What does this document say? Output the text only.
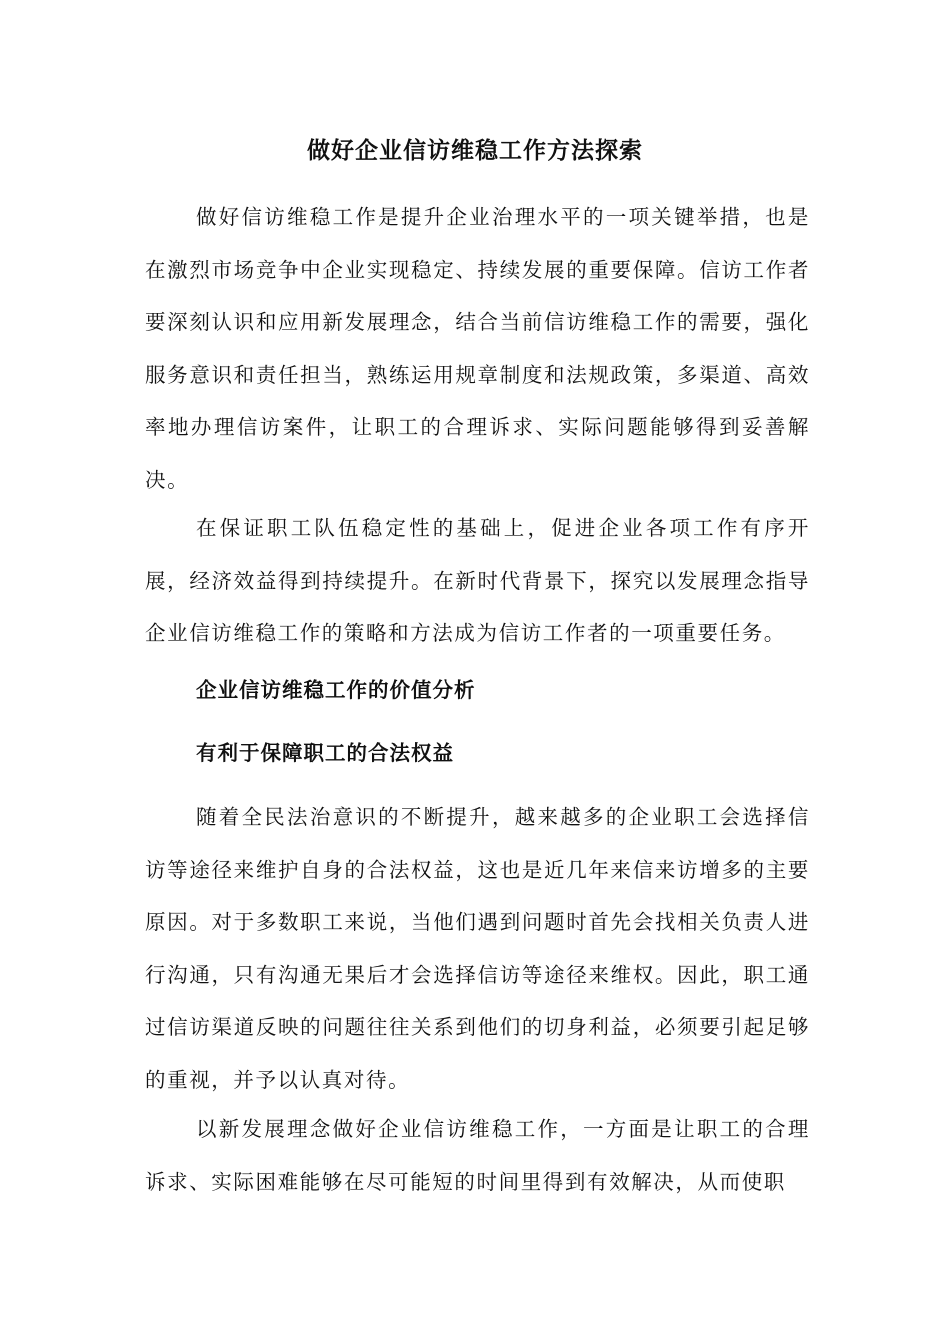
做好企业信访维稳工作方法探索

做好信访维稳工作是提升企业治理水平的一项关键举措，也是在激烈市场竞争中企业实现稳定、持续发展的重要保障。信访工作者要深刻认识和应用新发展理念，结合当前信访维稳工作的需要，强化服务意识和责任担当，熟练运用规章制度和法规政策，多渠道、高效率地办理信访案件，让职工的合理诉求、实际问题能够得到妥善解决。

在保证职工队伍稳定性的基础上，促进企业各项工作有序开展，经济效益得到持续提升。在新时代背景下，探究以发展理念指导企业信访维稳工作的策略和方法成为信访工作者的一项重要任务。

企业信访维稳工作的价值分析
有利于保障职工的合法权益

随着全民法治意识的不断提升，越来越多的企业职工会选择信访等途径来维护自身的合法权益，这也是近几年来信来访增多的主要原因。对于多数职工来说，当他们遇到问题时首先会找相关负责人进行沟通，只有沟通无果后才会选择信访等途径来维权。因此，职工通过信访渠道反映的问题往往关系到他们的切身利益，必须要引起足够的重视，并予以认真对待。

以新发展理念做好企业信访维稳工作，一方面是让职工的合理诉求、实际困难能够在尽可能短的时间里得到有效解决，从而使职
